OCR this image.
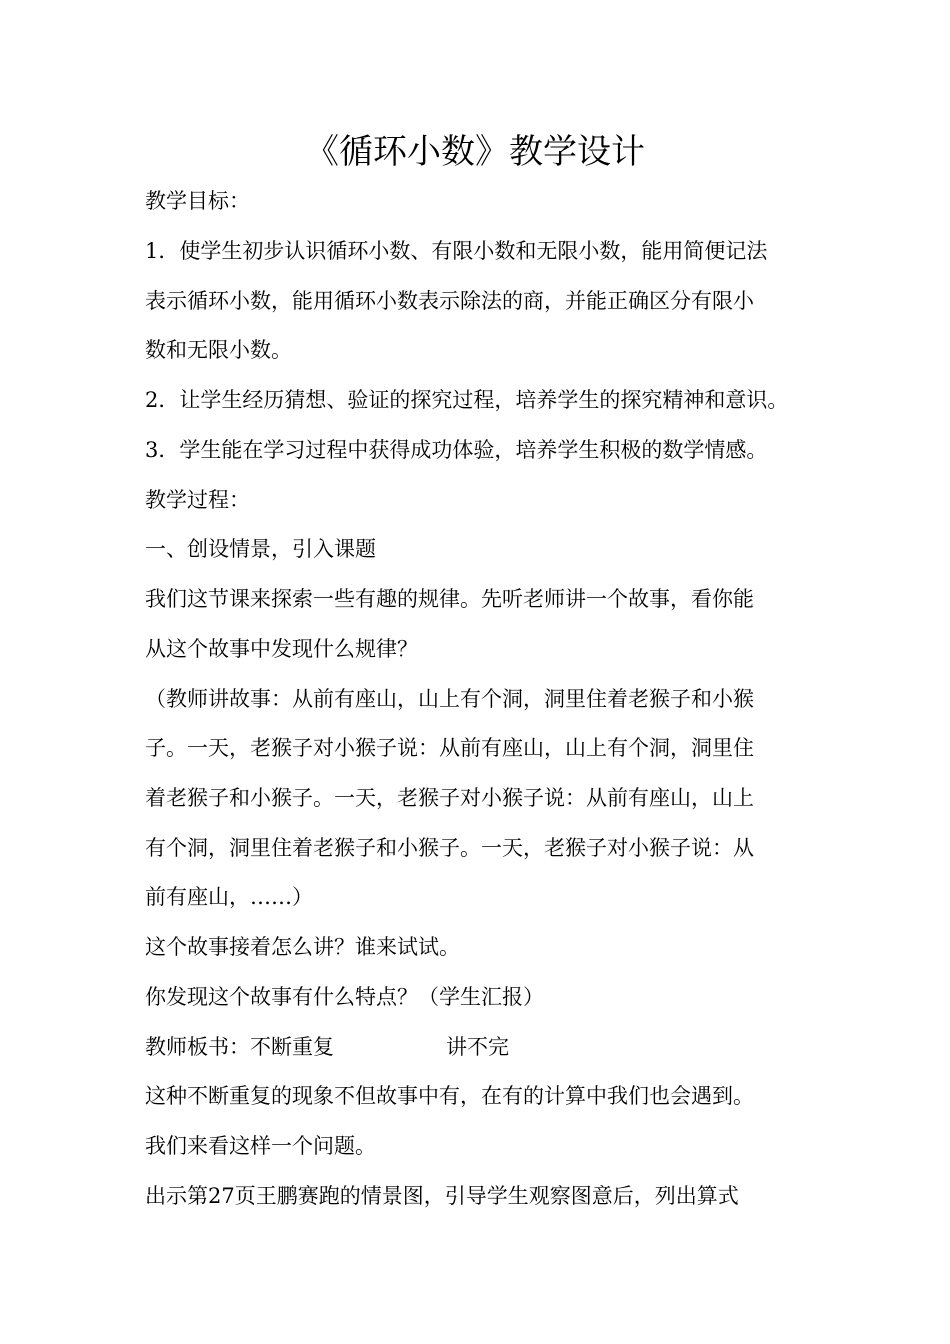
《循环小数》教学设计
教学目标：
1．使学生初步认识循环小数、有限小数和无限小数，能用简便记法
表示循环小数，能用循环小数表示除法的商，并能正确区分有限小
数和无限小数。
2．让学生经历猜想、验证的探究过程，培养学生的探究精神和意识。
3．学生能在学习过程中获得成功体验，培养学生积极的数学情感。
教学过程：
一、创设情景，引入课题
我们这节课来探索一些有趣的规律。先听老师讲一个故事，看你能
从这个故事中发现什么规律？
（教师讲故事：从前有座山，山上有个洞，洞里住着老猴子和小猴
子。一天，老猴子对小猴子说：从前有座山，山上有个洞，洞里住
着老猴子和小猴子。一天，老猴子对小猴子说：从前有座山，山上
有个洞，洞里住着老猴子和小猴子。一天，老猴子对小猴子说：从
前有座山，……）
这个故事接着怎么讲？谁来试试。
你发现这个故事有什么特点？（学生汇报）
教师板书：不断重复	讲不完
这种不断重复的现象不但故事中有，在有的计算中我们也会遇到。
我们来看这样一个问题。
出示第27页王鹏赛跑的情景图，引导学生观察图意后，列出算式
